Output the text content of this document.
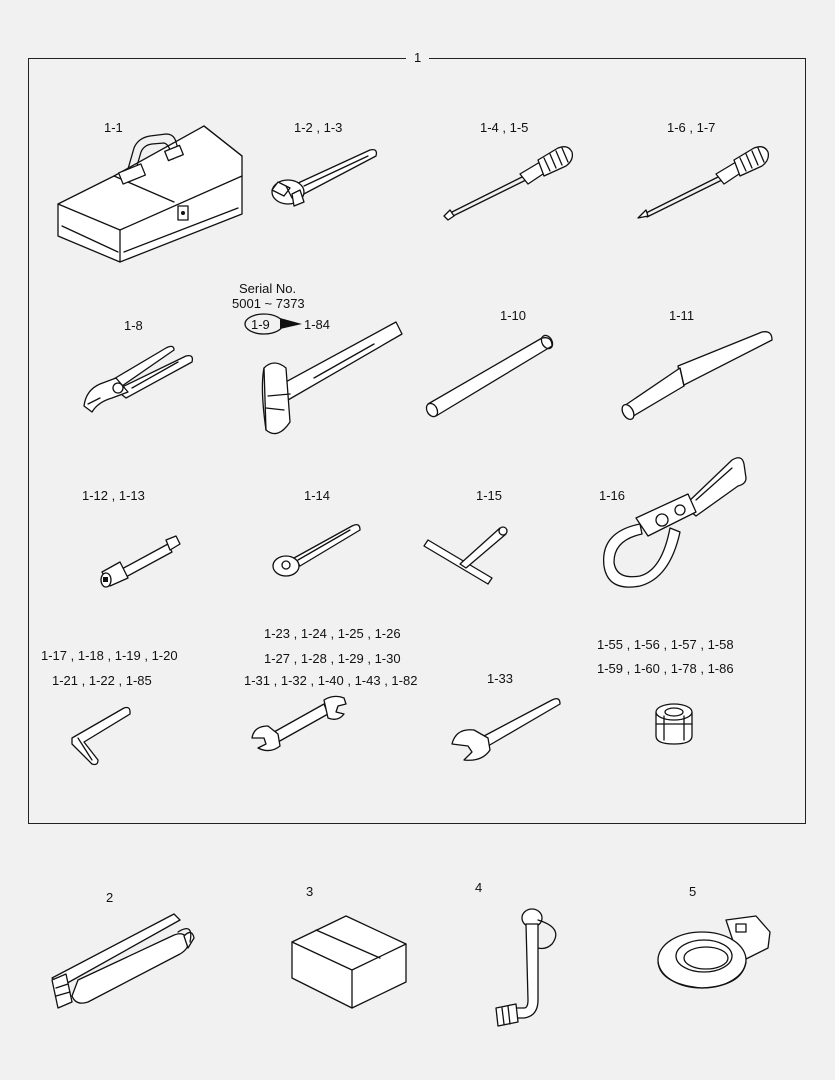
1
1-1	1-2 , 1-3	1-4 , 1-5	1-6 , 1-7
1-8
Serial No.
5001 ~ 7373
1-9	1-84
1-10	1-11
1-12 , 1-13	1-14	1-15	1-16
1-17 , 1-18 , 1-19 , 1-20
1-21 , 1-22 , 1-85
1-23 , 1-24 , 1-25 , 1-26
1-27 , 1-28 , 1-29 , 1-30
1-31 , 1-32 , 1-40 , 1-43 , 1-82	1-33
1-55 , 1-56 , 1-57 , 1-58
1-59 , 1-60 , 1-78 , 1-86
2	3	4	5
